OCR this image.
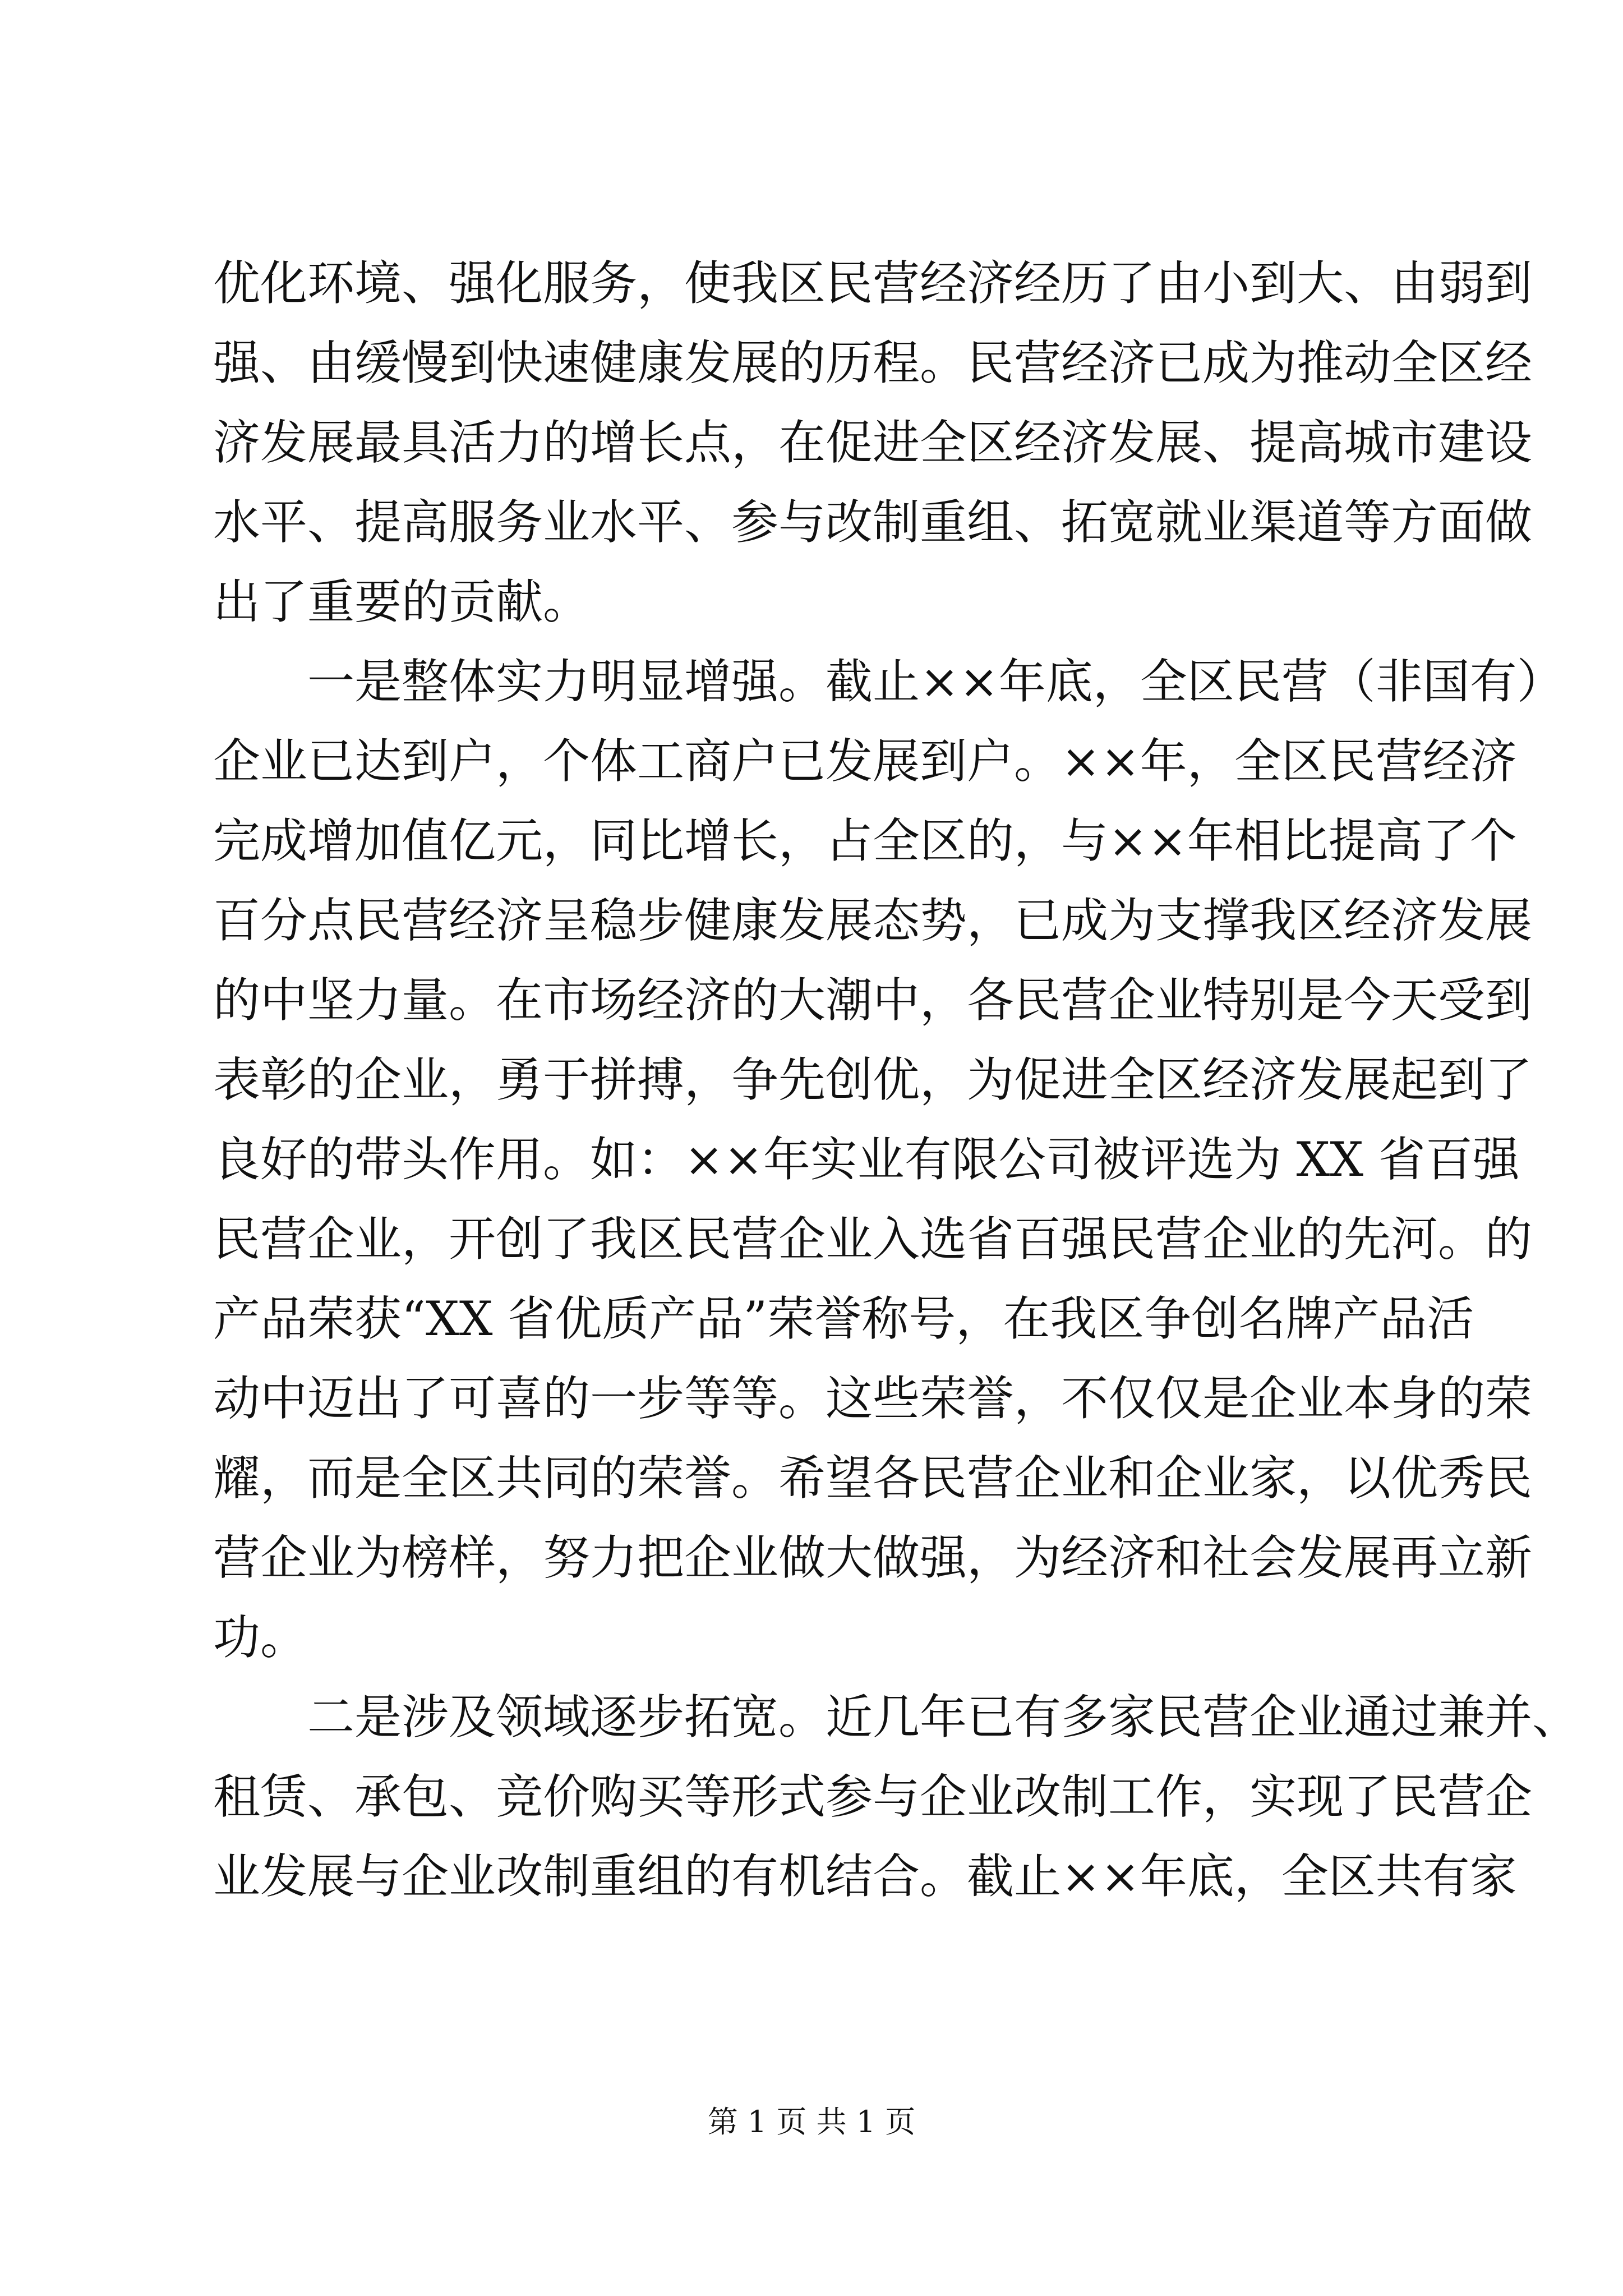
优化环境、强化服务，使我区民营经济经历了由小到大、由弱到
强、由缓慢到快速健康发展的历程。民营经济已成为推动全区经
济发展最具活力的增长点，在促进全区经济发展、提高城市建设
水平、提高服务业水平、参与改制重组、拓宽就业渠道等方面做
出了重要的贡献。
一是整体实力明显增强。截止××年底，全区民营（非国有）
企业已达到户，个体工商户已发展到户。××年，全区民营经济
完成增加值亿元，同比增长，占全区的，与××年相比提高了个
百分点民营经济呈稳步健康发展态势，已成为支撑我区经济发展
的中坚力量。在市场经济的大潮中，各民营企业特别是今天受到
表彰的企业，勇于拼搏，争先创优，为促进全区经济发展起到了
良好的带头作用。如：××年实业有限公司被评选为 XX 省百强
民营企业，开创了我区民营企业入选省百强民营企业的先河。的
产品荣获“XX 省优质产品”荣誉称号，在我区争创名牌产品活
动中迈出了可喜的一步等等。这些荣誉，不仅仅是企业本身的荣
耀，而是全区共同的荣誉。希望各民营企业和企业家，以优秀民
营企业为榜样，努力把企业做大做强，为经济和社会发展再立新
功。
二是涉及领域逐步拓宽。近几年已有多家民营企业通过兼并、
租赁、承包、竞价购买等形式参与企业改制工作，实现了民营企
业发展与企业改制重组的有机结合。截止××年底，全区共有家
第 1 页 共 1 页
